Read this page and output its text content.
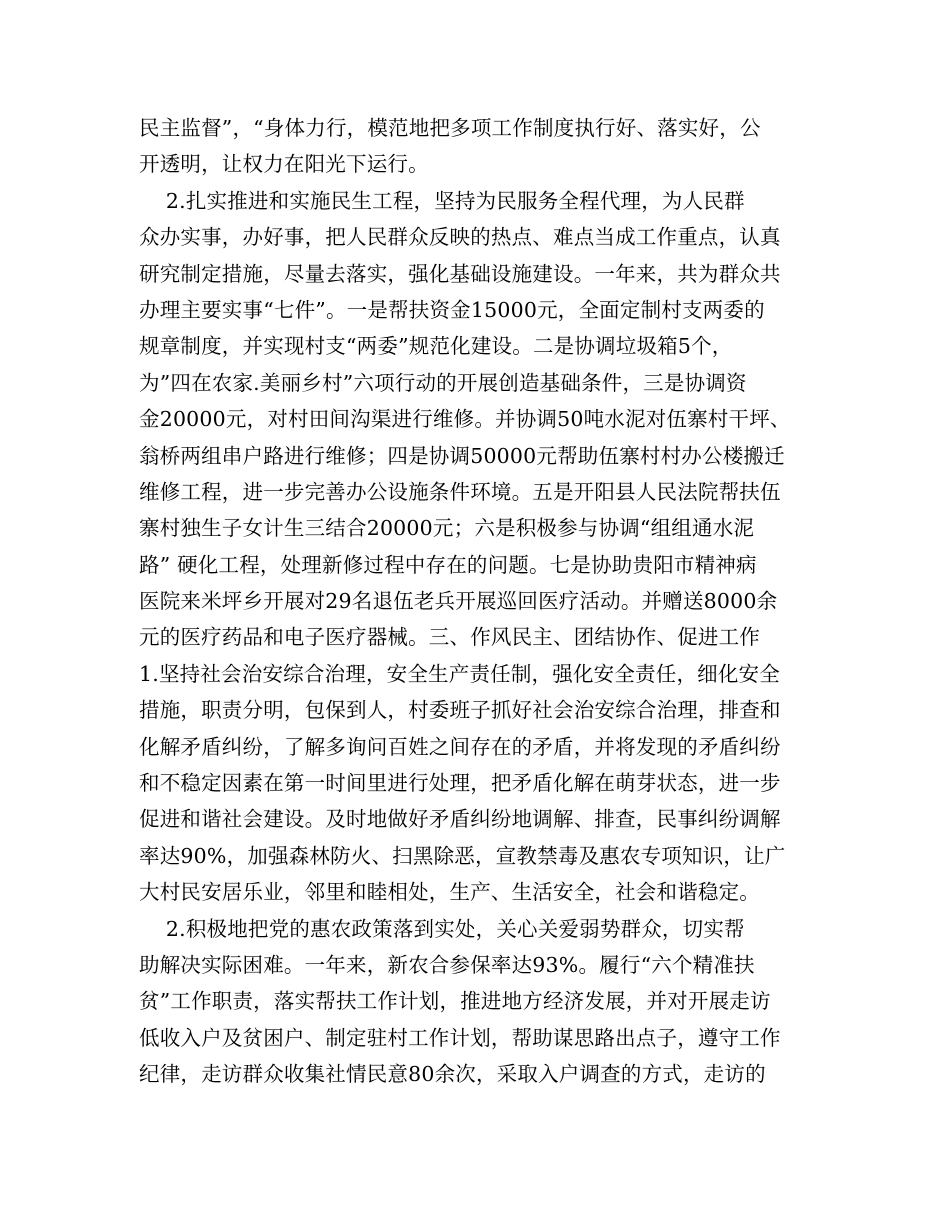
民主监督”，“身体力行，模范地把多项工作制度执行好、落实好，公
开透明，让权力在阳光下运行。
2.扎实推进和实施民生工程，坚持为民服务全程代理，为人民群
众办实事，办好事，把人民群众反映的热点、难点当成工作重点，认真
研究制定措施，尽量去落实，强化基础设施建设。一年来，共为群众共
办理主要实事“七件”。一是帮扶资金15000元，全面定制村支两委的
规章制度，并实现村支“两委”规范化建设。二是协调垃圾箱5个，
为”四在农家.美丽乡村”六项行动的开展创造基础条件，三是协调资
金20000元，对村田间沟渠进行维修。并协调50吨水泥对伍寨村干坪、
翁桥两组串户路进行维修；四是协调50000元帮助伍寨村村办公楼搬迁
维修工程，进一步完善办公设施条件环境。五是开阳县人民法院帮扶伍
寨村独生子女计生三结合20000元；六是积极参与协调“组组通水泥
路” 硬化工程，处理新修过程中存在的问题。七是协助贵阳市精神病
医院来米坪乡开展对29名退伍老兵开展巡回医疗活动。并赠送8000余
元的医疗药品和电子医疗器械。三、作风民主、团结协作、促进工作
1.坚持社会治安综合治理，安全生产责任制，强化安全责任，细化安全
措施，职责分明，包保到人，村委班子抓好社会治安综合治理，排查和
化解矛盾纠纷，了解多询问百姓之间存在的矛盾，并将发现的矛盾纠纷
和不稳定因素在第一时间里进行处理，把矛盾化解在萌芽状态，进一步
促进和谐社会建设。及时地做好矛盾纠纷地调解、排查，民事纠纷调解
率达90%，加强森林防火、扫黑除恶，宣教禁毒及惠农专项知识，让广
大村民安居乐业，邻里和睦相处，生产、生活安全，社会和谐稳定。
2.积极地把党的惠农政策落到实处，关心关爱弱势群众，切实帮
助解决实际困难。一年来，新农合参保率达93%。履行“六个精准扶
贫”工作职责，落实帮扶工作计划，推进地方经济发展，并对开展走访
低收入户及贫困户、制定驻村工作计划，帮助谋思路出点子，遵守工作
纪律，走访群众收集社情民意80余次，采取入户调查的方式，走访的
